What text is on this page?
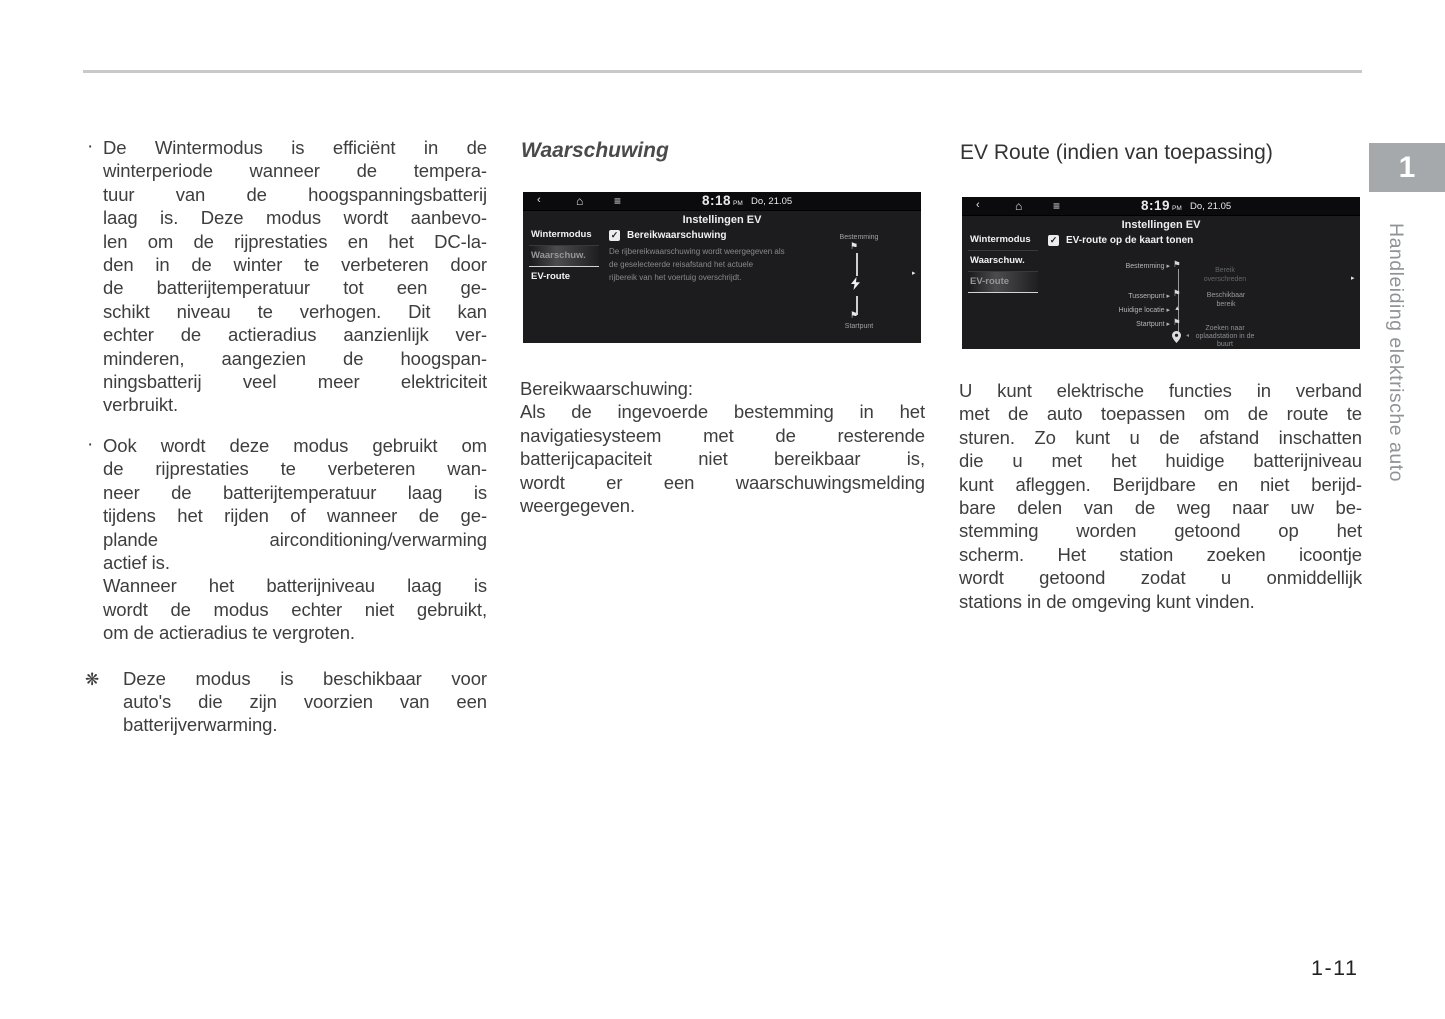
· De Wintermodus is efficiënt in de
winterperiode wanneer de tempera-
tuur van de hoogspanningsbatterij
laag is. Deze modus wordt aanbevo-
len om de rijprestaties en het DC-la-
den in de winter te verbeteren door
de batterijtemperatuur tot een ge-
schikt niveau te verhogen. Dit kan
echter de actieradius aanzienlijk ver-
minderen, aangezien de hoogspan-
ningsbatterij veel meer elektriciteit
verbruikt.
· Ook wordt deze modus gebruikt om
de rijprestaties te verbeteren wan-
neer de batterijtemperatuur laag is
tijdens het rijden of wanneer de ge-
plande airconditioning/verwarming
actief is.
Wanneer het batterijniveau laag is
wordt de modus echter niet gebruikt,
om de actieradius te vergroten.
❋ Deze modus is beschikbaar voor
auto's die zijn voorzien van een
batterijverwarming.
Waarschuwing
‹	⌂	≡	8:18 PM Do, 21.05
Instellingen EV
Wintermodus
Waarschuw.
EV-route
✓ Bereikwaarschuwing
De rijbereikwaarschuwing wordt weergegeven als
de geselecteerde reisafstand het actuele
rijbereik van het voertuig overschrijdt.
Bestemming
⚑
⚑
Startpunt
▸
Bereikwaarschuwing:
Als de ingevoerde bestemming in het
navigatiesysteem met de resterende
batterijcapaciteit niet bereikbaar is,
wordt er een waarschuwingsmelding
weergegeven.
EV Route (indien van toepassing)
‹	⌂	≡	8:19 PM Do, 21.05
Instellingen EV
Wintermodus
Waarschuw.
EV-route
✓ EV-route op de kaart tonen
Bestemming ▸
Tussenpunt ▸
Huidige locatie ▸
Startpunt ▸
⚑
⚑
▲
⚑
Bereik overschreden
Beschikbaar bereik
◂
Zoeken naar oplaadstation in de buurt
▸
U kunt elektrische functies in verband
met de auto toepassen om de route te
sturen. Zo kunt u de afstand inschatten
die u met het huidige batterijniveau
kunt afleggen. Berijdbare en niet berijd-
bare delen van de weg naar uw be-
stemming worden getoond op het
scherm. Het station zoeken icoontje
wordt getoond zodat u onmiddellijk
stations in de omgeving kunt vinden.
1
Handleiding elektrische auto
1-11
